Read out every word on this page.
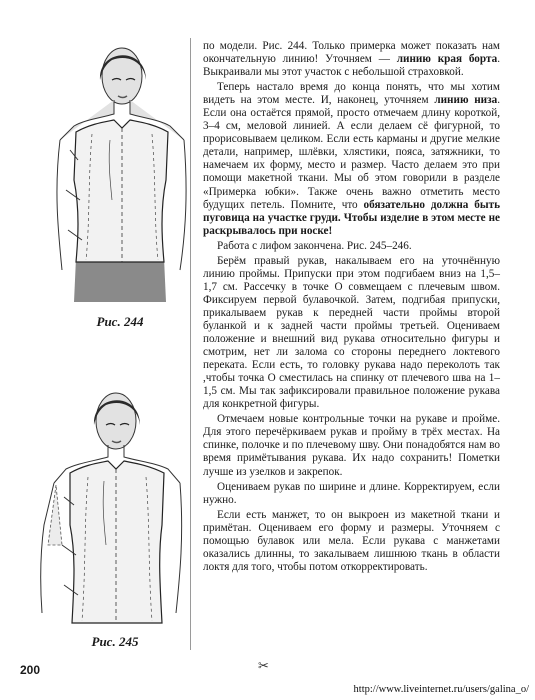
Рис. 244
Рис. 245

по модели. Рис. 244. Только примерка может показать нам окончательную линию! Уточняем — линию края борта. Выкраивали мы этот участок с небольшой страховкой.

Теперь настало время до конца понять, что мы хотим видеть на этом месте. И, наконец, уточняем линию низа. Если она остаётся прямой, просто отмечаем длину короткой, 3–4 см, меловой линией. А если делаем сё фигурной, то прорисовываем целиком. Если есть карманы и другие мелкие детали, например, шлёвки, хлястики, пояса, затяжники, то намечаем их форму, место и размер. Часто делаем это при помощи макетной ткани. Мы об этом говорили в разделе «Примерка юбки». Также очень важно отметить место будущих петель. Помните, что обязательно должна быть пуговица на участке груди. Чтобы изделие в этом месте не раскрывалось при носке!

Работа с лифом закончена. Рис. 245–246.

Берём правый рукав, накалываем его на уточнённую линию проймы. Припуски при этом подгибаем вниз на 1,5–1,7 см. Рассечку в точке О совмещаем с плечевым швом. Фиксируем первой булавочкой. Затем, подгибая припуски, прикалываем рукав к передней части проймы второй буланкой и к задней части проймы третьей. Оцениваем положение и внешний вид рукава относительно фигуры и смотрим, нет ли залома со стороны переднего локтевого переката. Если есть, то головку рукава надо переколоть так ,чтобы точка О сместилась на спинку от плечевого шва на 1–1,5 см. Мы так зафиксировали правильное положение рукава для конкретной фигуры.

Отмечаем новые контрольные точки на рукаве и проймe. Для этого перечёркиваем рукав и пройму в трёх местах. На спинке, полочке и по плечевому шву. Они понадобятся нам во время примётывания рукава. Их надо сохранить! Пометки лучше из узелков и закрепок.

Оцениваем рукав по ширине и длине. Корректируем, если нужно.

Если есть манжет, то он выкроен из макетной ткани и примётан. Оцениваем его форму и размеры. Уточняем с помощью булавок или мела. Если рукава с манжетами оказались длинны, то закалываем лишнюю ткань в области локтя для того, чтобы потом откорректировать.

200	✂
http://www.liveinternet.ru/users/galina_o/
